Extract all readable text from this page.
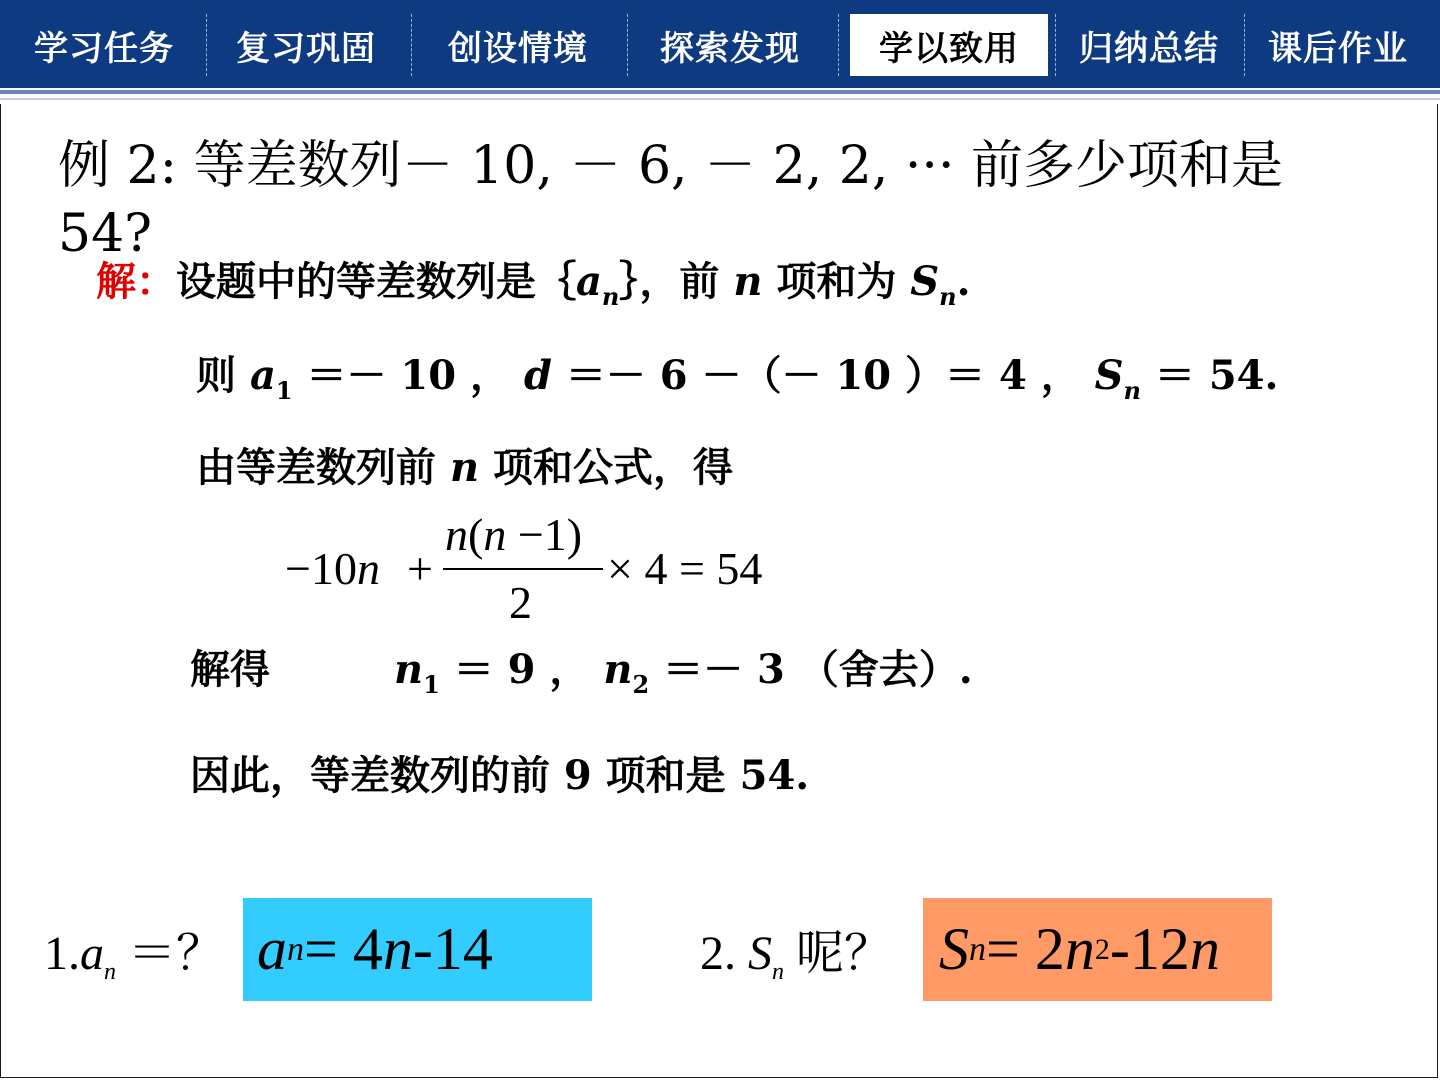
学习任务	复习巩固	创设情境	探索发现	学以致用	归纳总结	课后作业
例 2: 等差数列－ 10, － 6, － 2, 2, ··· 前多少项和是 54?
解：设题中的等差数列是$\{a_n\}$，前 n 项和为 $S_n$.
则 $a_1 =- 10$ ， d ＝－ 6 －（－ 10 ）＝ 4 ， $S_n = 54$.
由等差数列前 n 项和公式，得
−10n +
n(n −1)
2
× 4 = 54
解得	$n_1 = 9$ ， $n_2 =- 3$ （舍去）.
因此，等差数列的前 9 项和是 54.
$1.a_n$ ＝？ a n = 4 n -14	2. $S_n$ 呢？ S n = 2 n 2 -12 n
